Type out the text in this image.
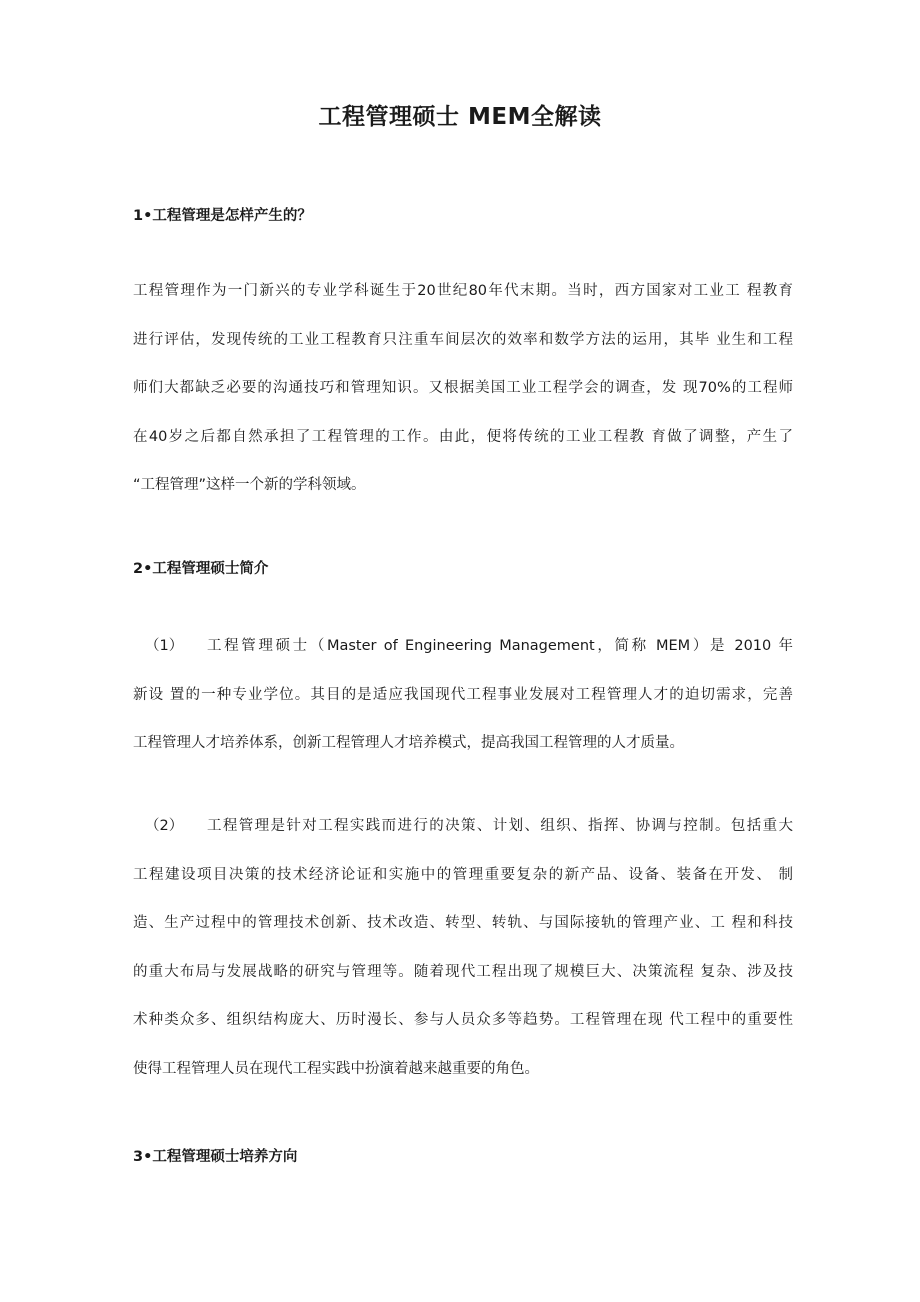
工程管理硕士 MEM全解读
1•工程管理是怎样产生的？
工程管理作为一门新兴的专业学科诞生于20世纪80年代末期。当时，西方国家对工业工 程教育
进行评估，发现传统的工业工程教育只注重车间层次的效率和数学方法的运用，其毕 业生和工程
师们大都缺乏必要的沟通技巧和管理知识。又根据美国工业工程学会的调查，发 现70%的工程师
在40岁之后都自然承担了工程管理的工作。由此，便将传统的工业工程教 育做了调整，产生了
“工程管理”这样一个新的学科领域。
2•工程管理硕士简介
（1）	工程管理硕士（Master of Engineering Management，简称 MEM）是 2010 年
新设 置的一种专业学位。其目的是适应我国现代工程事业发展对工程管理人才的迫切需求，完善
工程管理人才培养体系，创新工程管理人才培养模式，提高我国工程管理的人才质量。
（2）	工程管理是针对工程实践而进行的决策、计划、组织、指挥、协调与控制。包括重大
工程建设项目决策的技术经济论证和实施中的管理重要复杂的新产品、设备、装备在开发、 制
造、生产过程中的管理技术创新、技术改造、转型、转轨、与国际接轨的管理产业、工 程和科技
的重大布局与发展战略的研究与管理等。随着现代工程出现了规模巨大、决策流程 复杂、涉及技
术种类众多、组织结构庞大、历时漫长、参与人员众多等趋势。工程管理在现 代工程中的重要性
使得工程管理人员在现代工程实践中扮演着越来越重要的角色。
3•工程管理硕士培养方向
